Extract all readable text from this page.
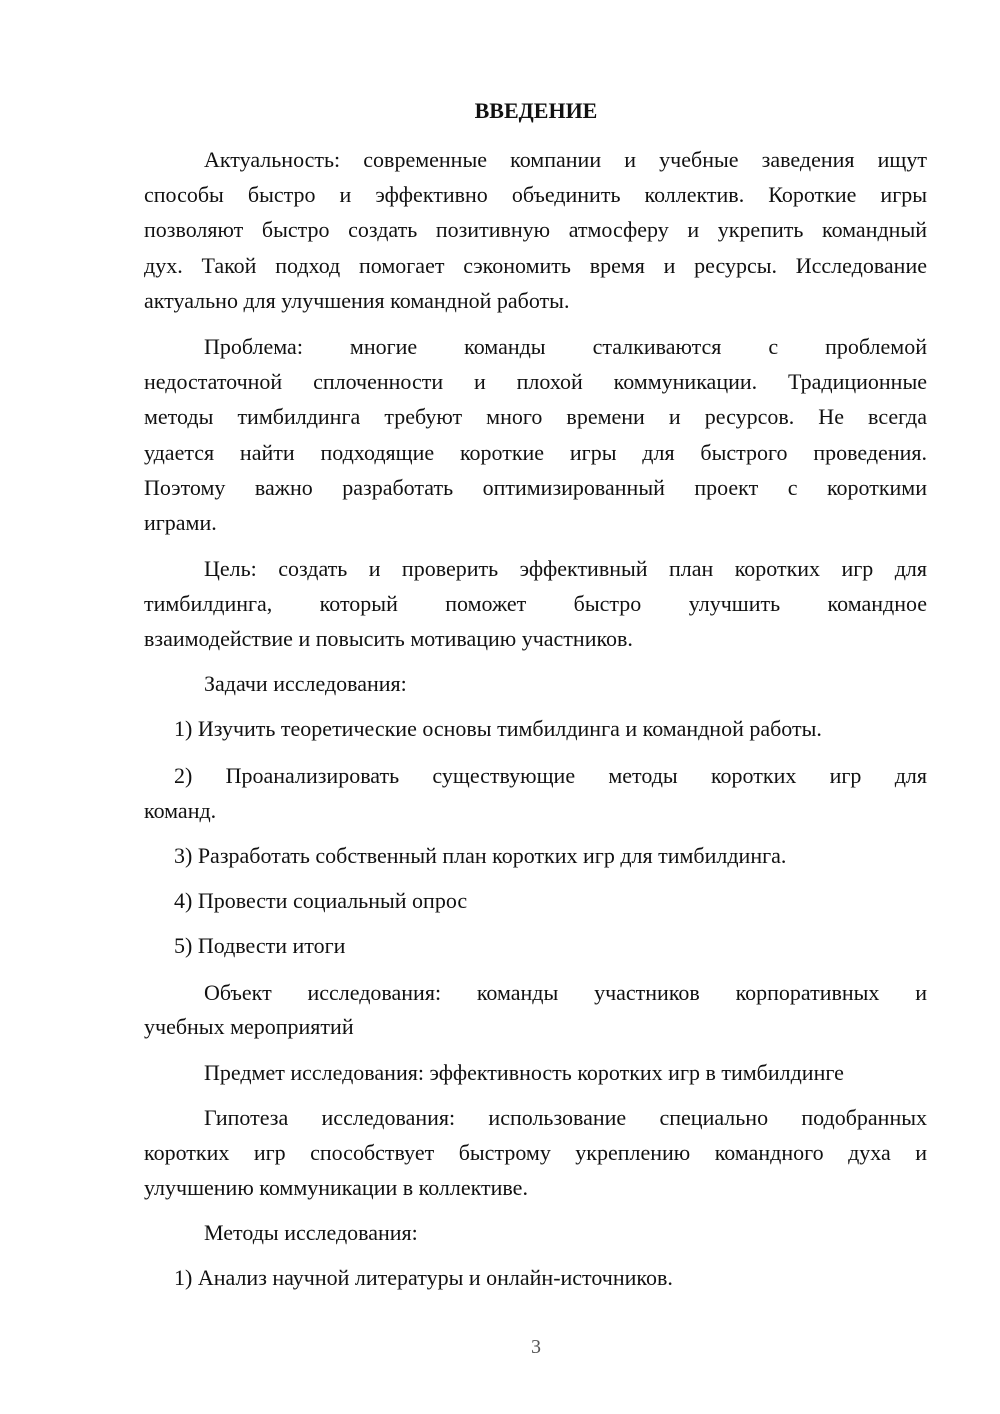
ВВЕДЕНИЕ
Актуальность: современные компании и учебные заведения ищут
способы быстро и эффективно объединить коллектив. Короткие игры
позволяют быстро создать позитивную атмосферу и укрепить командный
дух. Такой подход помогает сэкономить время и ресурсы. Исследование
актуально для улучшения командной работы.
Проблема: многие команды сталкиваются с проблемой
недостаточной сплоченности и плохой коммуникации. Традиционные
методы тимбилдинга требуют много времени и ресурсов. Не всегда
удается найти подходящие короткие игры для быстрого проведения.
Поэтому важно разработать оптимизированный проект с короткими
играми.
Цель: создать и проверить эффективный план коротких игр для
тимбилдинга, который поможет быстро улучшить командное
взаимодействие и повысить мотивацию участников.
Задачи исследования:
1) Изучить теоретические основы тимбилдинга и командной работы.
2) Проанализировать существующие методы коротких игр для
команд.
3) Разработать собственный план коротких игр для тимбилдинга.
4) Провести социальный опрос
5) Подвести итоги
Объект исследования: команды участников корпоративных и
учебных мероприятий
Предмет исследования: эффективность коротких игр в тимбилдинге
Гипотеза исследования: использование специально подобранных
коротких игр способствует быстрому укреплению командного духа и
улучшению коммуникации в коллективе.
Методы исследования:
1) Анализ научной литературы и онлайн-источников.
3
